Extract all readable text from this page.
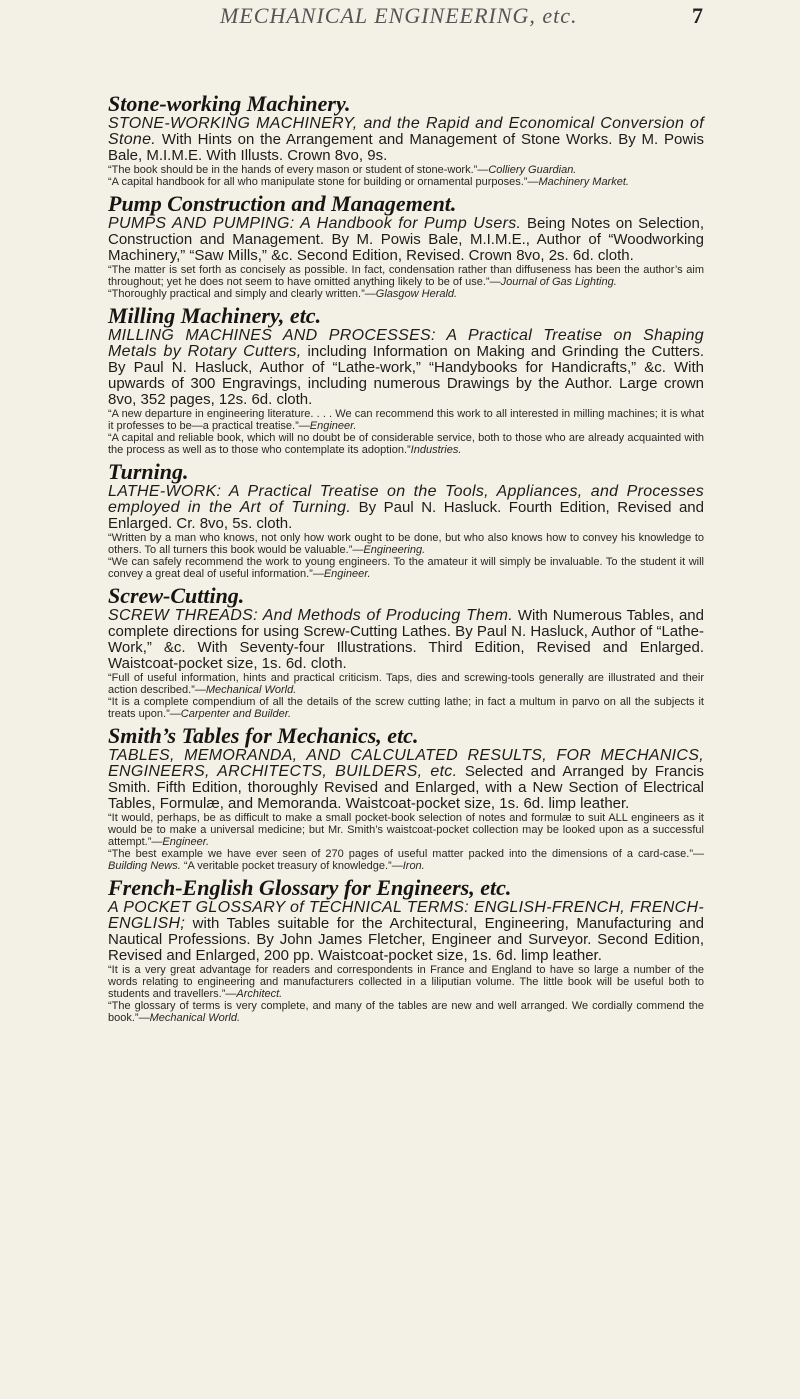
MECHANICAL ENGINEERING, etc.	7

Stone-working Machinery.

STONE-WORKING MACHINERY, and the Rapid and Economical Conversion of Stone. With Hints on the Arrangement and Management of Stone Works. By M. Powis Bale, M.I.M.E. With Illusts. Crown 8vo, 9s.

“The book should be in the hands of every mason or student of stone-work.”—Colliery Guardian.

“A capital handbook for all who manipulate stone for building or ornamental purposes.”—Machinery Market.

Pump Construction and Management.

PUMPS AND PUMPING: A Handbook for Pump Users. Being Notes on Selection, Construction and Management. By M. Powis Bale, M.I.M.E., Author of “Woodworking Machinery,” “Saw Mills,” &c. Second Edition, Revised. Crown 8vo, 2s. 6d. cloth.

“The matter is set forth as concisely as possible. In fact, condensation rather than diffuseness has been the author’s aim throughout; yet he does not seem to have omitted anything likely to be of use.”—Journal of Gas Lighting.

“Thoroughly practical and simply and clearly written.”—Glasgow Herald.

Milling Machinery, etc.

MILLING MACHINES AND PROCESSES: A Practical Treatise on Shaping Metals by Rotary Cutters, including Information on Making and Grinding the Cutters. By Paul N. Hasluck, Author of “Lathe-work,” “Handybooks for Handicrafts,” &c. With upwards of 300 Engravings, including numerous Drawings by the Author. Large crown 8vo, 352 pages, 12s. 6d. cloth.

“A new departure in engineering literature. . . . We can recommend this work to all interested in milling machines; it is what it professes to be—a practical treatise.”—Engineer.

“A capital and reliable book, which will no doubt be of considerable service, both to those who are already acquainted with the process as well as to those who contemplate its adoption.”Industries.

Turning.

LATHE-WORK: A Practical Treatise on the Tools, Appliances, and Processes employed in the Art of Turning. By Paul N. Hasluck. Fourth Edition, Revised and Enlarged. Cr. 8vo, 5s. cloth.

“Written by a man who knows, not only how work ought to be done, but who also knows how to convey his knowledge to others. To all turners this book would be valuable.”—Engineering.

“We can safely recommend the work to young engineers. To the amateur it will simply be invaluable. To the student it will convey a great deal of useful information.”—Engineer.

Screw-Cutting.

SCREW THREADS: And Methods of Producing Them. With Numerous Tables, and complete directions for using Screw-Cutting Lathes. By Paul N. Hasluck, Author of “Lathe-Work,” &c. With Seventy-four Illustrations. Third Edition, Revised and Enlarged. Waistcoat-pocket size, 1s. 6d. cloth.

“Full of useful information, hints and practical criticism. Taps, dies and screwing-tools generally are illustrated and their action described.”—Mechanical World.

“It is a complete compendium of all the details of the screw cutting lathe; in fact a multum in parvo on all the subjects it treats upon.”—Carpenter and Builder.

Smith’s Tables for Mechanics, etc.

TABLES, MEMORANDA, AND CALCULATED RESULTS, FOR MECHANICS, ENGINEERS, ARCHITECTS, BUILDERS, etc. Selected and Arranged by Francis Smith. Fifth Edition, thoroughly Revised and Enlarged, with a New Section of Electrical Tables, Formulæ, and Memoranda. Waistcoat-pocket size, 1s. 6d. limp leather.

“It would, perhaps, be as difficult to make a small pocket-book selection of notes and formulæ to suit ALL engineers as it would be to make a universal medicine; but Mr. Smith’s waistcoat-pocket collection may be looked upon as a successful attempt.”—Engineer.

“The best example we have ever seen of 270 pages of useful matter packed into the dimensions of a card-case.”—Building News. “A veritable pocket treasury of knowledge.”—Iron.

French-English Glossary for Engineers, etc.

A POCKET GLOSSARY of TECHNICAL TERMS: ENGLISH-FRENCH, FRENCH-ENGLISH; with Tables suitable for the Architectural, Engineering, Manufacturing and Nautical Professions. By John James Fletcher, Engineer and Surveyor. Second Edition, Revised and Enlarged, 200 pp. Waistcoat-pocket size, 1s. 6d. limp leather.

“It is a very great advantage for readers and correspondents in France and England to have so large a number of the words relating to engineering and manufacturers collected in a liliputian volume. The little book will be useful both to students and travellers.”—Architect.

“The glossary of terms is very complete, and many of the tables are new and well arranged. We cordially commend the book.”—Mechanical World.
